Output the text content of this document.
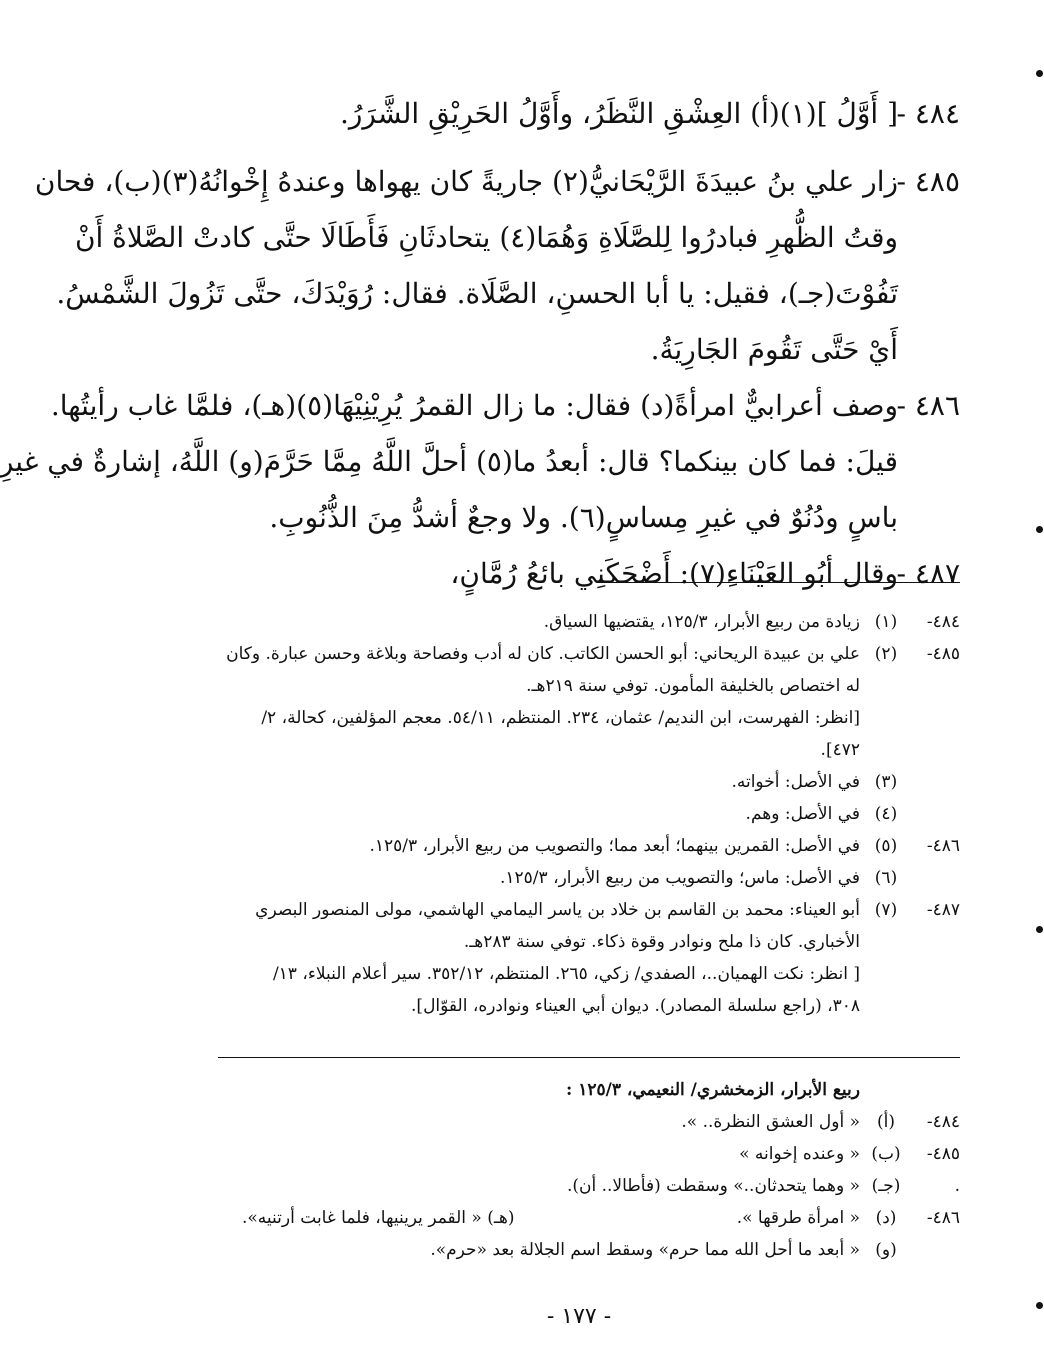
٤٨٤ -
[ أَوَّلُ ](١)(أ) العِشْقِ النَّظَرُ، وأَوَّلُ الحَرِيْقِ الشَّرَرُ.
٤٨٥ -
زار علي بنُ عبيدَةَ الرَّيْحَانيُّ(٢) جاريةً كان يهواها وعندهُ إِخْوانُهُ(٣)(ب)، فحان
وقتُ الظُّهرِ فبادرُوا لِلصَّلَاةِ وَهُمَا(٤) يتحادثَانِ فَأَطَالَا حتَّى كادتْ الصَّلاةُ أَنْ
تَفُوْتَ(جـ)، فقيل: يا أبا الحسنِ، الصَّلَاة. فقال: رُوَيْدَكَ، حتَّى تَزُولَ الشَّمْسُ.
أَيْ حَتَّى تَقُومَ الجَارِيَةُ.
٤٨٦ -
وصف أعرابيٌّ امرأةً(د) فقال: ما زال القمرُ يُرِيْنِيْهَا(٥)(هـ)، فلمَّا غاب رأيتُها.
قيلَ: فما كان بينكما؟ قال: أبعدُ ما(٥) أحلَّ اللَّهُ مِمَّا حَرَّمَ(و) اللَّهُ، إشارةٌ في غيرِ
باسٍ ودُنُوٌ في غيرِ مِساسٍ(٦). ولا وجعٌ أشدُّ مِنَ الذُّنُوبِ.
٤٨٧ -
وقال أبُو العَيْنَاءِ(٧): أَضْحَكَنِي بائعُ رُمَّانٍ،
٤٨٤-
(١)
زيادة من ربيع الأبرار، ١٢٥/٣، يقتضيها السياق.
٤٨٥-
(٢)
علي بن عبيدة الريحاني: أبو الحسن الكاتب. كان له أدب وفصاحة وبلاغة وحسن عبارة. وكان
له اختصاص بالخليفة المأمون. توفي سنة ٢١٩هـ.
[انظر: الفهرست، ابن النديم/ عثمان، ٢٣٤. المنتظم، ٥٤/١١. معجم المؤلفين، كحالة، ٢/
٤٧٢].
(٣)
في الأصل: أخواته.
(٤)
في الأصل: وهم.
٤٨٦-
(٥)
في الأصل: القمرين بينهما؛ أبعد مما؛ والتصويب من ربيع الأبرار، ١٢٥/٣.
(٦)
في الأصل: ماس؛ والتصويب من ربيع الأبرار، ١٢٥/٣.
٤٨٧-
(٧)
أبو العيناء: محمد بن القاسم بن خلاد بن ياسر اليمامي الهاشمي، مولى المنصور البصري
الأخباري. كان ذا ملح ونوادر وقوة ذكاء. توفي سنة ٢٨٣هـ.
[ انظر: نكت الهميان..، الصفدي/ زكي، ٢٦٥. المنتظم، ٣٥٢/١٢. سير أعلام النبلاء، ١٣/
٣٠٨، (راجع سلسلة المصادر). ديوان أبي العيناء ونوادره، القوّال].
ربيع الأبرار، الزمخشري/ النعيمي، ١٢٥/٣ :
٤٨٤-
(أ)
« أول العشق النظرة.. ».
٤٨٥-
(ب)
« وعنده إخوانه »
.
(جـ)
« وهما يتحدثان..» وسقطت (فأطالا.. أن).
٤٨٦-
(د)
« امرأة طرقها ».
(هـ) « القمر يرينيها، فلما غابت أرتنيه».
(و)
« أبعد ما أحل الله مما حرم» وسقط اسم الجلالة بعد «حرم».
- ١٧٧ -
